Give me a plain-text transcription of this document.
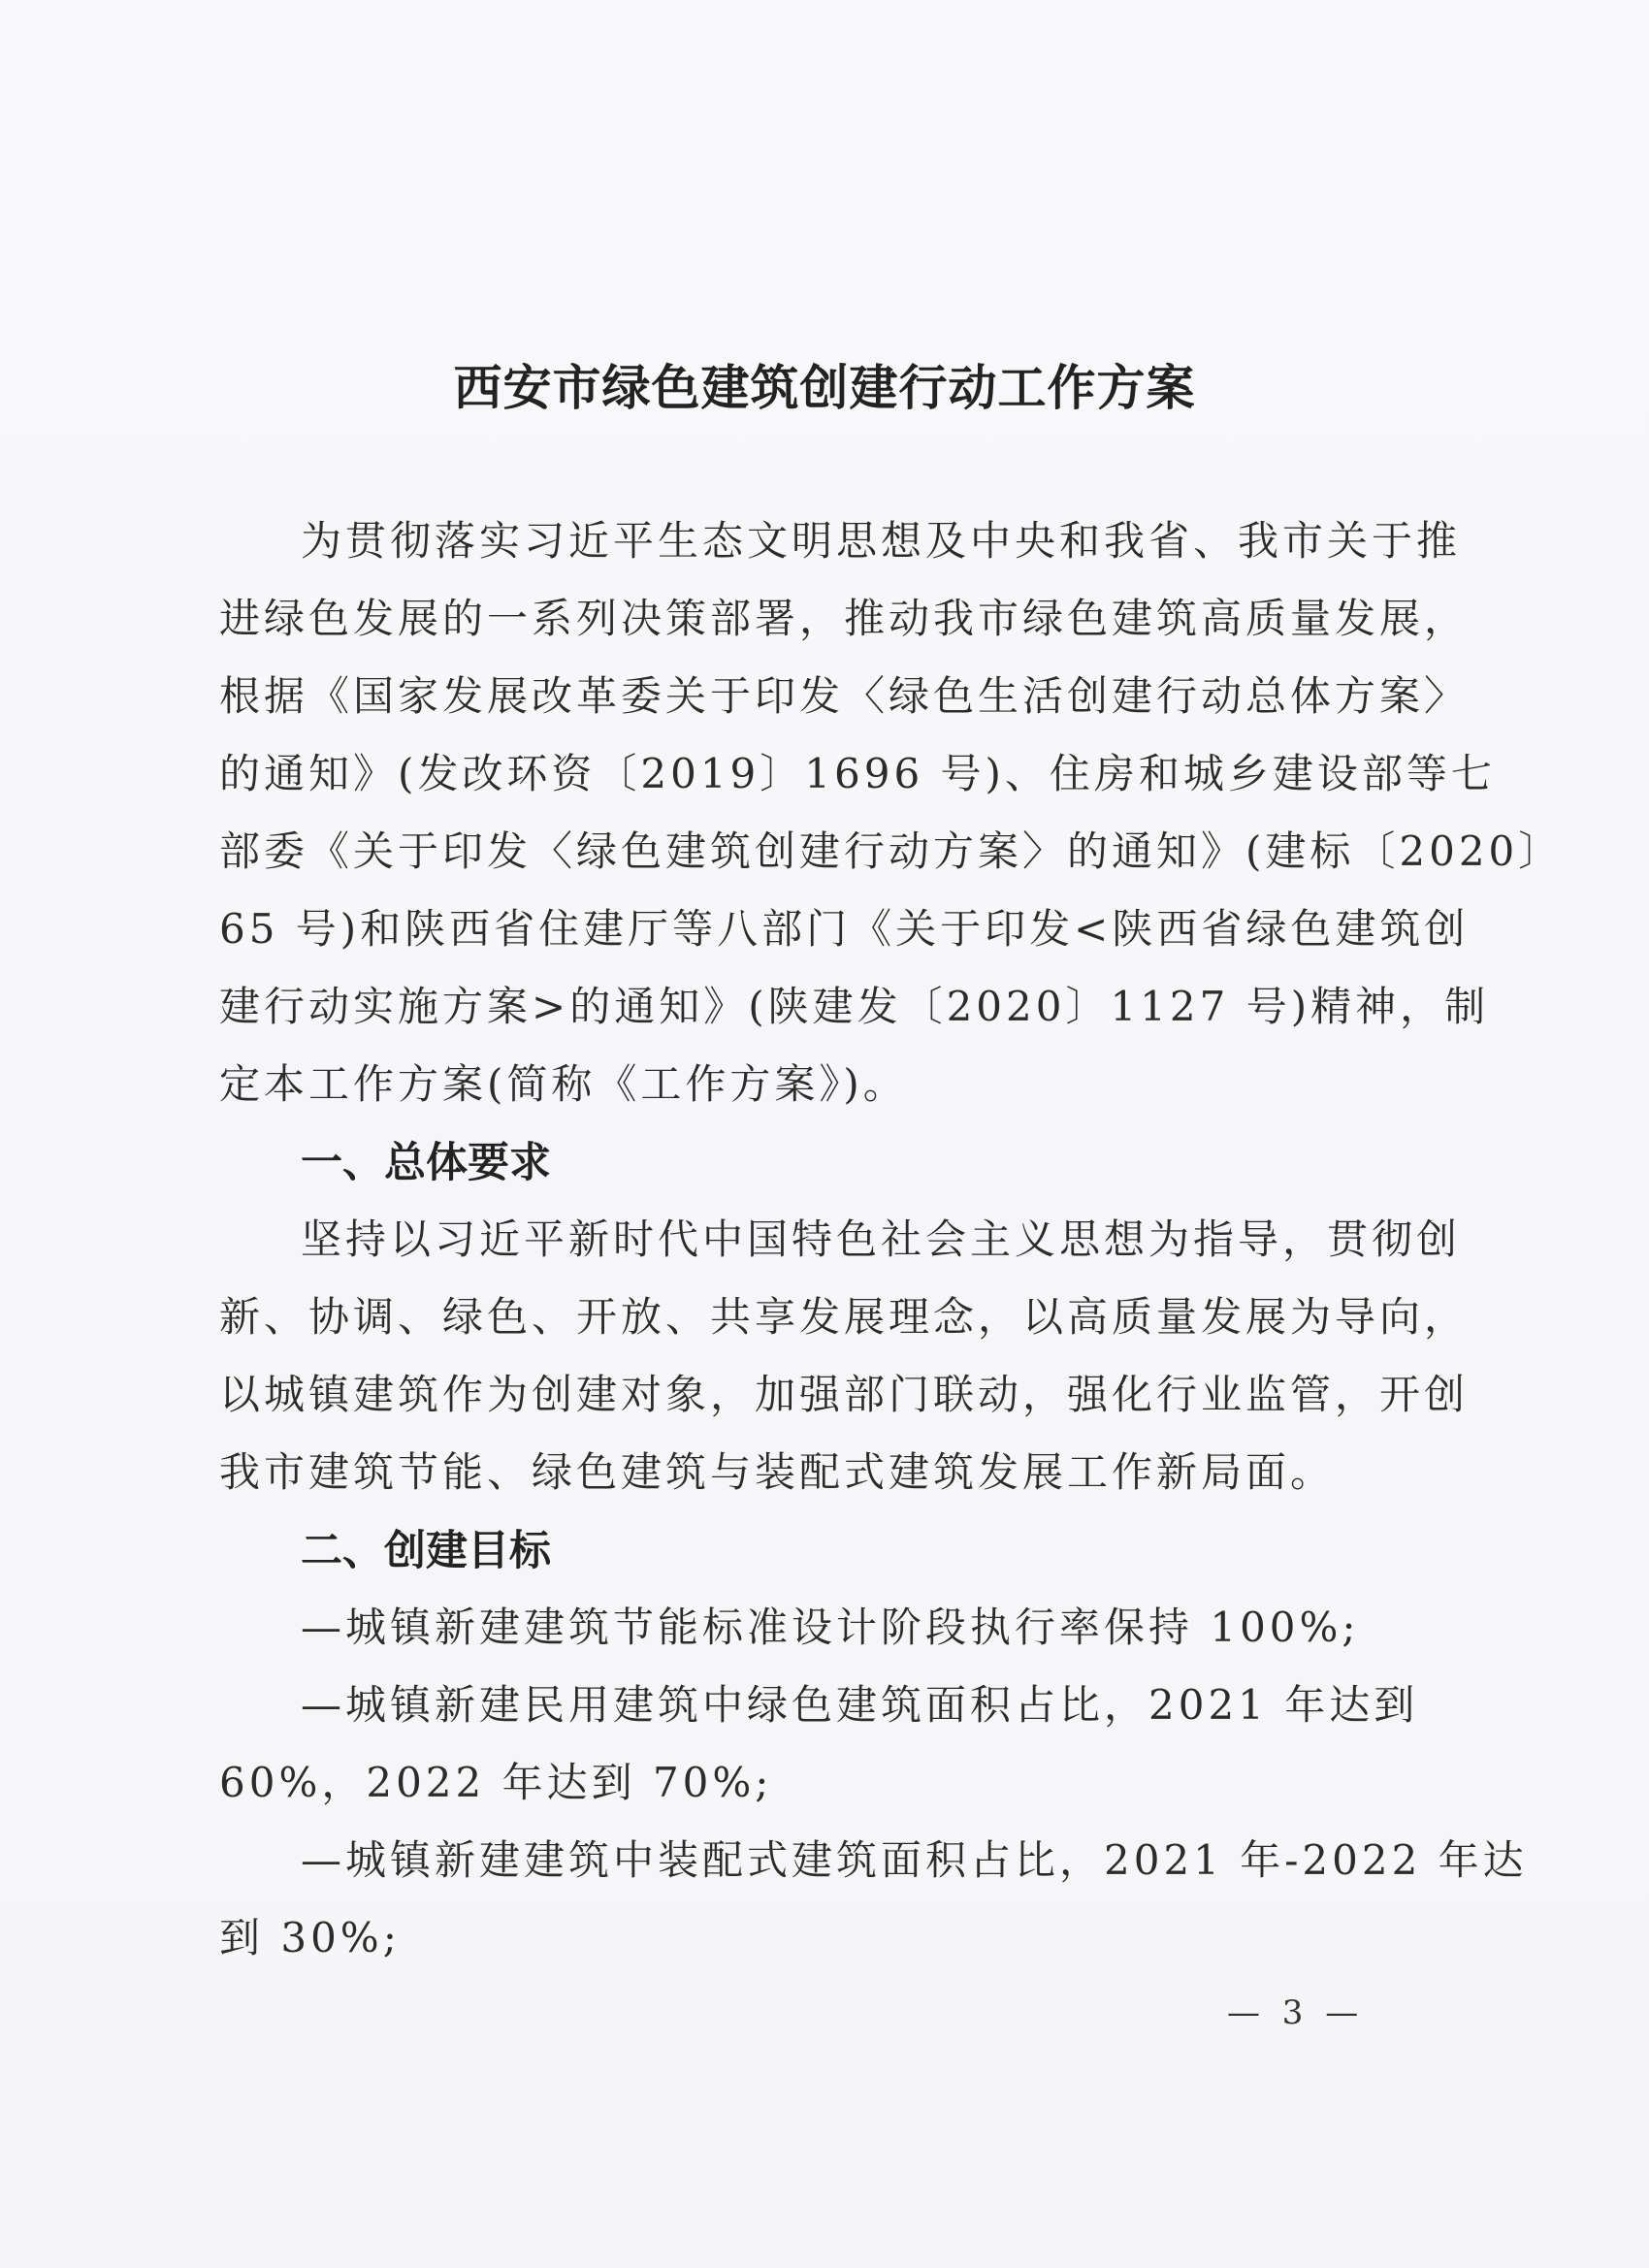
西安市绿色建筑创建行动工作方案
为贯彻落实习近平生态文明思想及中央和我省、我市关于推
进绿色发展的一系列决策部署，推动我市绿色建筑高质量发展，
根据《国家发展改革委关于印发〈绿色生活创建行动总体方案〉
的通知》(发改环资〔2019〕1696 号)、住房和城乡建设部等七
部委《关于印发〈绿色建筑创建行动方案〉的通知》(建标〔2020〕
65 号)和陕西省住建厅等八部门《关于印发<陕西省绿色建筑创
建行动实施方案>的通知》(陕建发〔2020〕1127 号)精神，制
定本工作方案(简称《工作方案》)。
一、总体要求
坚持以习近平新时代中国特色社会主义思想为指导，贯彻创
新、协调、绿色、开放、共享发展理念，以高质量发展为导向，
以城镇建筑作为创建对象，加强部门联动，强化行业监管，开创
我市建筑节能、绿色建筑与装配式建筑发展工作新局面。
二、创建目标
—城镇新建建筑节能标准设计阶段执行率保持 100%;
—城镇新建民用建筑中绿色建筑面积占比，2021 年达到
60%，2022 年达到 70%;
—城镇新建建筑中装配式建筑面积占比，2021 年-2022 年达
到 30%;
— 3 —
